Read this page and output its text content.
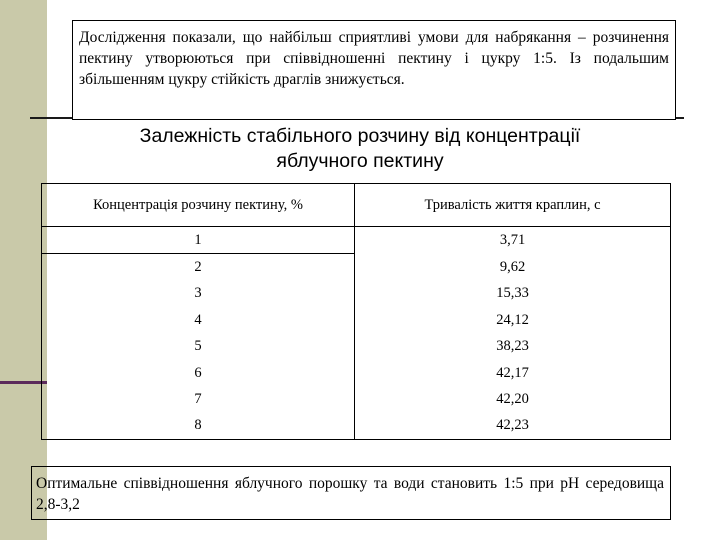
Дослідження показали, що найбільш сприятливі умови для набрякання – розчинення пектину утворюються при співвідношенні пектину і цукру 1:5. Із подальшим збільшенням цукру стійкість драглів знижується.
Залежність стабільного розчину від концентрації
яблучного пектину
Концентрація розчину пектину, %	Тривалість життя краплин, с
1	3,71
2	9,62
3	15,33
4	24,12
5	38,23
6	42,17
7	42,20
8	42,23
Оптимальне співвідношення яблучного порошку та води становить 1:5 при pH середовища 2,8-3,2
